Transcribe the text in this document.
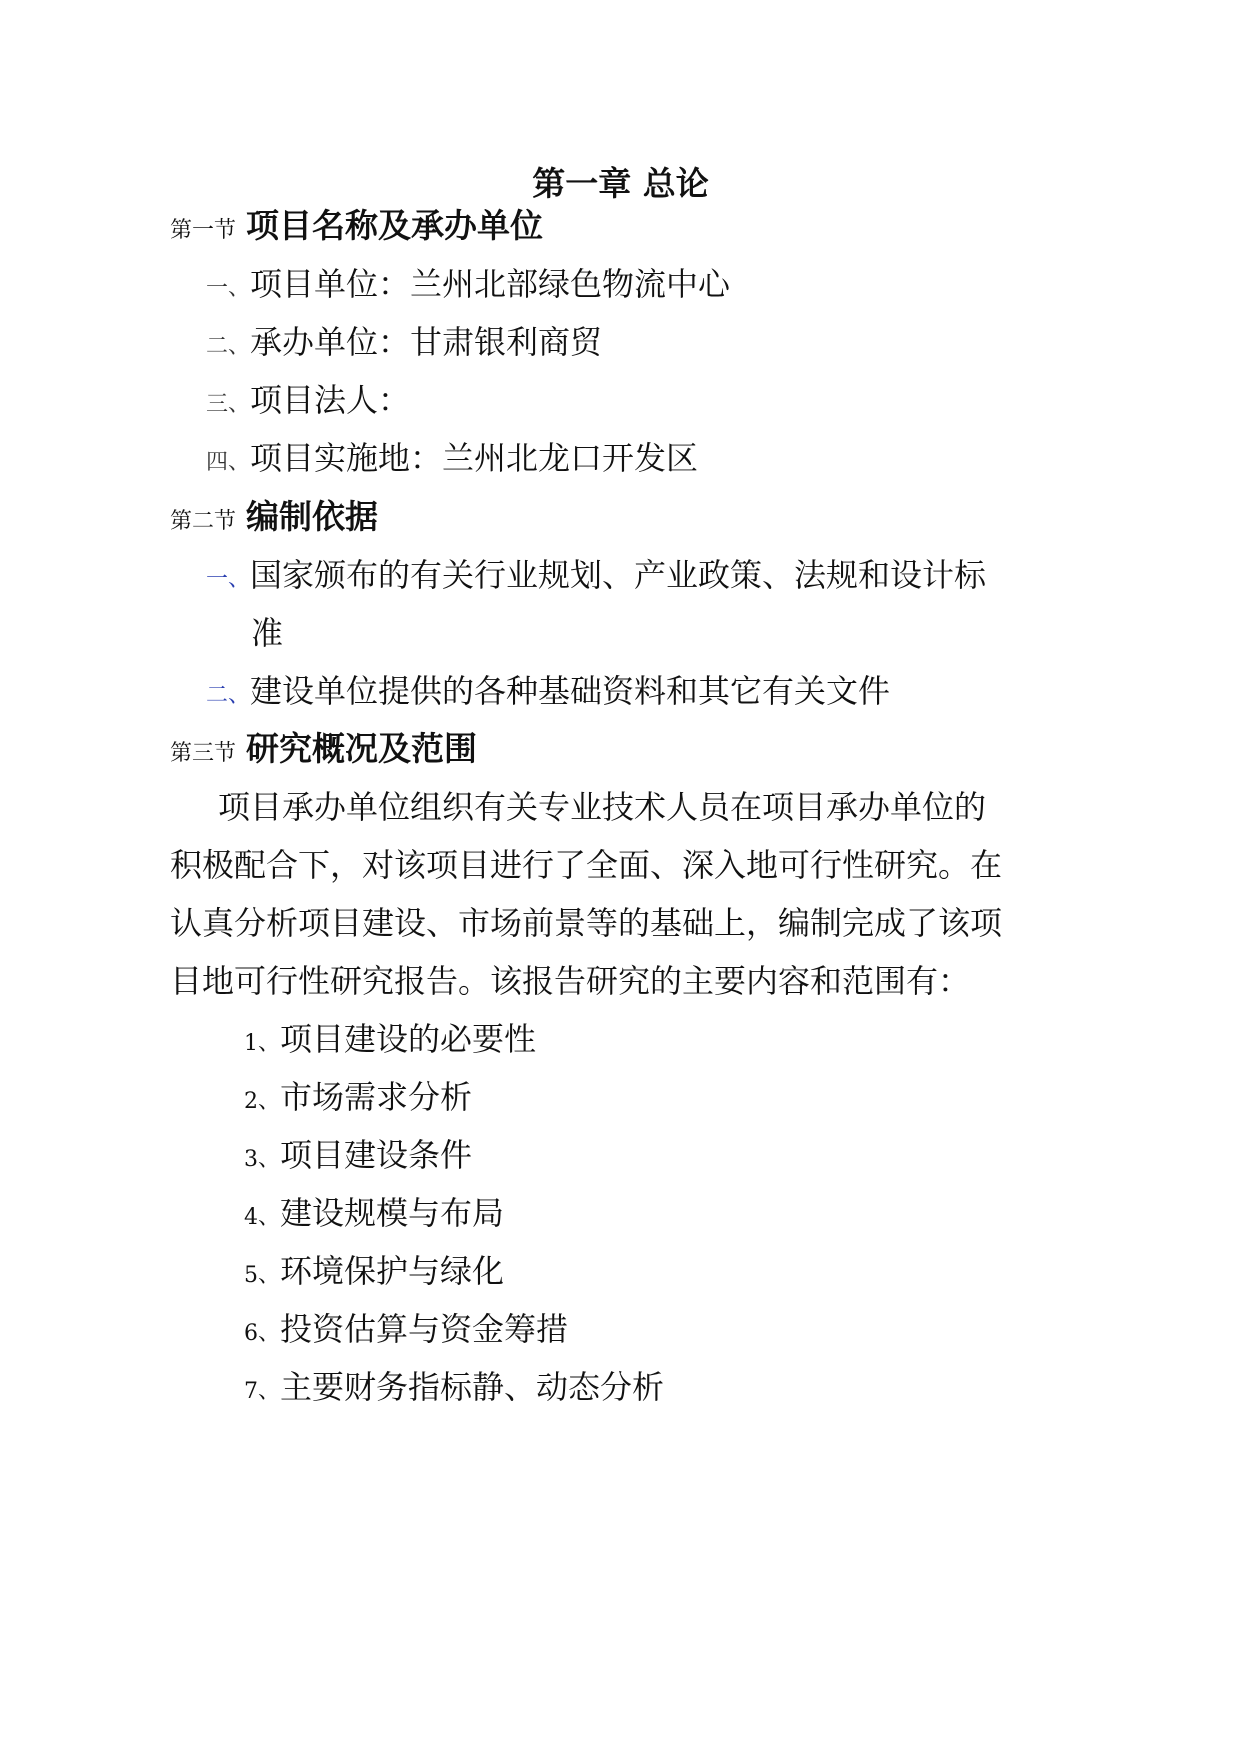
第一章 总论
第一节 项目名称及承办单位
一、项目单位：兰州北部绿色物流中心
二、承办单位：甘肃银利商贸
三、项目法人：
四、项目实施地：兰州北龙口开发区
第二节 编制依据
一、国家颁布的有关行业规划、产业政策、法规和设计标
准
二、建设单位提供的各种基础资料和其它有关文件
第三节 研究概况及范围
项目承办单位组织有关专业技术人员在项目承办单位的
积极配合下，对该项目进行了全面、深入地可行性研究。在
认真分析项目建设、市场前景等的基础上，编制完成了该项
目地可行性研究报告。该报告研究的主要内容和范围有：
1、项目建设的必要性
2、市场需求分析
3、项目建设条件
4、建设规模与布局
5、环境保护与绿化
6、投资估算与资金筹措
7、主要财务指标静、动态分析
